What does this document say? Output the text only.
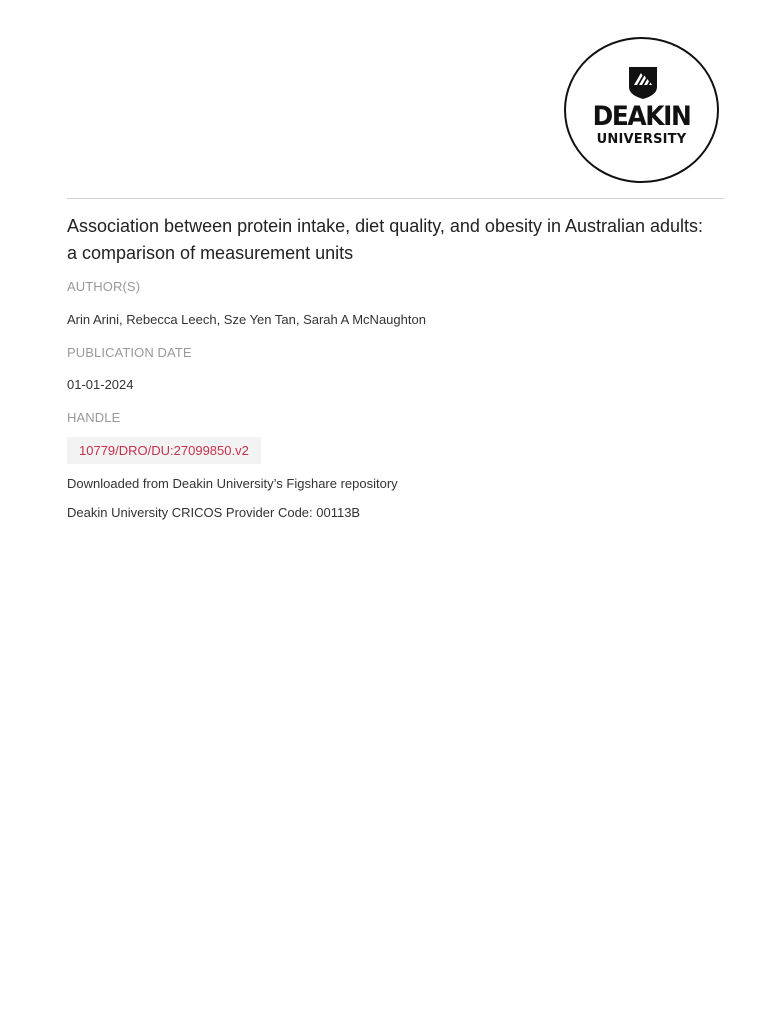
DEAKIN
UNIVERSITY
Association between protein intake, diet quality, and obesity in Australian adults: a comparison of measurement units
AUTHOR(S)
Arin Arini, Rebecca Leech, Sze Yen Tan, Sarah A McNaughton
PUBLICATION DATE
01-01-2024
HANDLE
10779/DRO/DU:27099850.v2
Downloaded from Deakin University’s Figshare repository
Deakin University CRICOS Provider Code: 00113B
